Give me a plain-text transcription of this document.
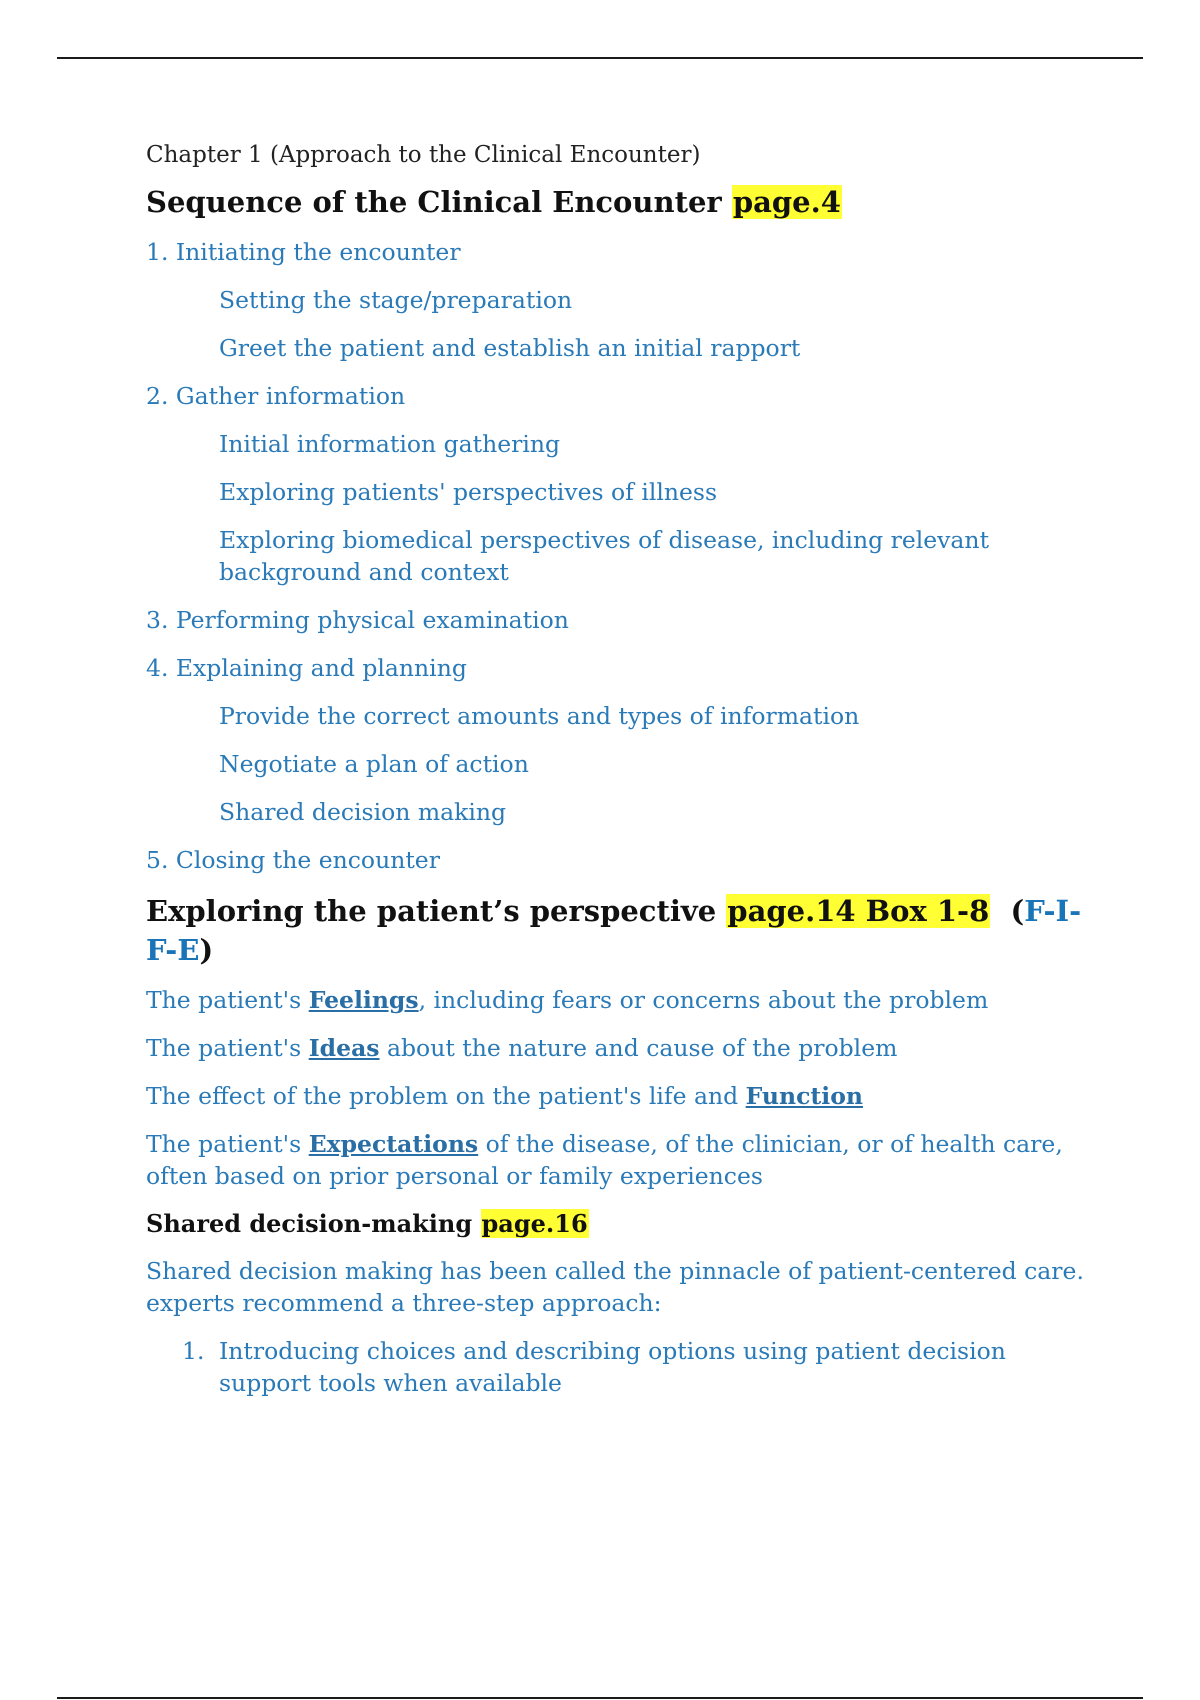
Chapter 1 (Approach to the Clinical Encounter)
Sequence of the Clinical Encounter page.4
1. Initiating the encounter
Setting the stage/preparation
Greet the patient and establish an initial rapport
2. Gather information
Initial information gathering
Exploring patients' perspectives of illness
Exploring biomedical perspectives of disease, including relevant background and context
3. Performing physical examination
4. Explaining and planning
Provide the correct amounts and types of information
Negotiate a plan of action
Shared decision making
5. Closing the encounter
Exploring the patient’s perspective page.14 Box 1-8 (F-I-F-E)
The patient's Feelings, including fears or concerns about the problem
The patient's Ideas about the nature and cause of the problem
The effect of the problem on the patient's life and Function
The patient's Expectations of the disease, of the clinician, or of health care, often based on prior personal or family experiences
Shared decision-making page.16
Shared decision making has been called the pinnacle of patient-centered care. experts recommend a three-step approach:
1. Introducing choices and describing options using patient decision support tools when available
